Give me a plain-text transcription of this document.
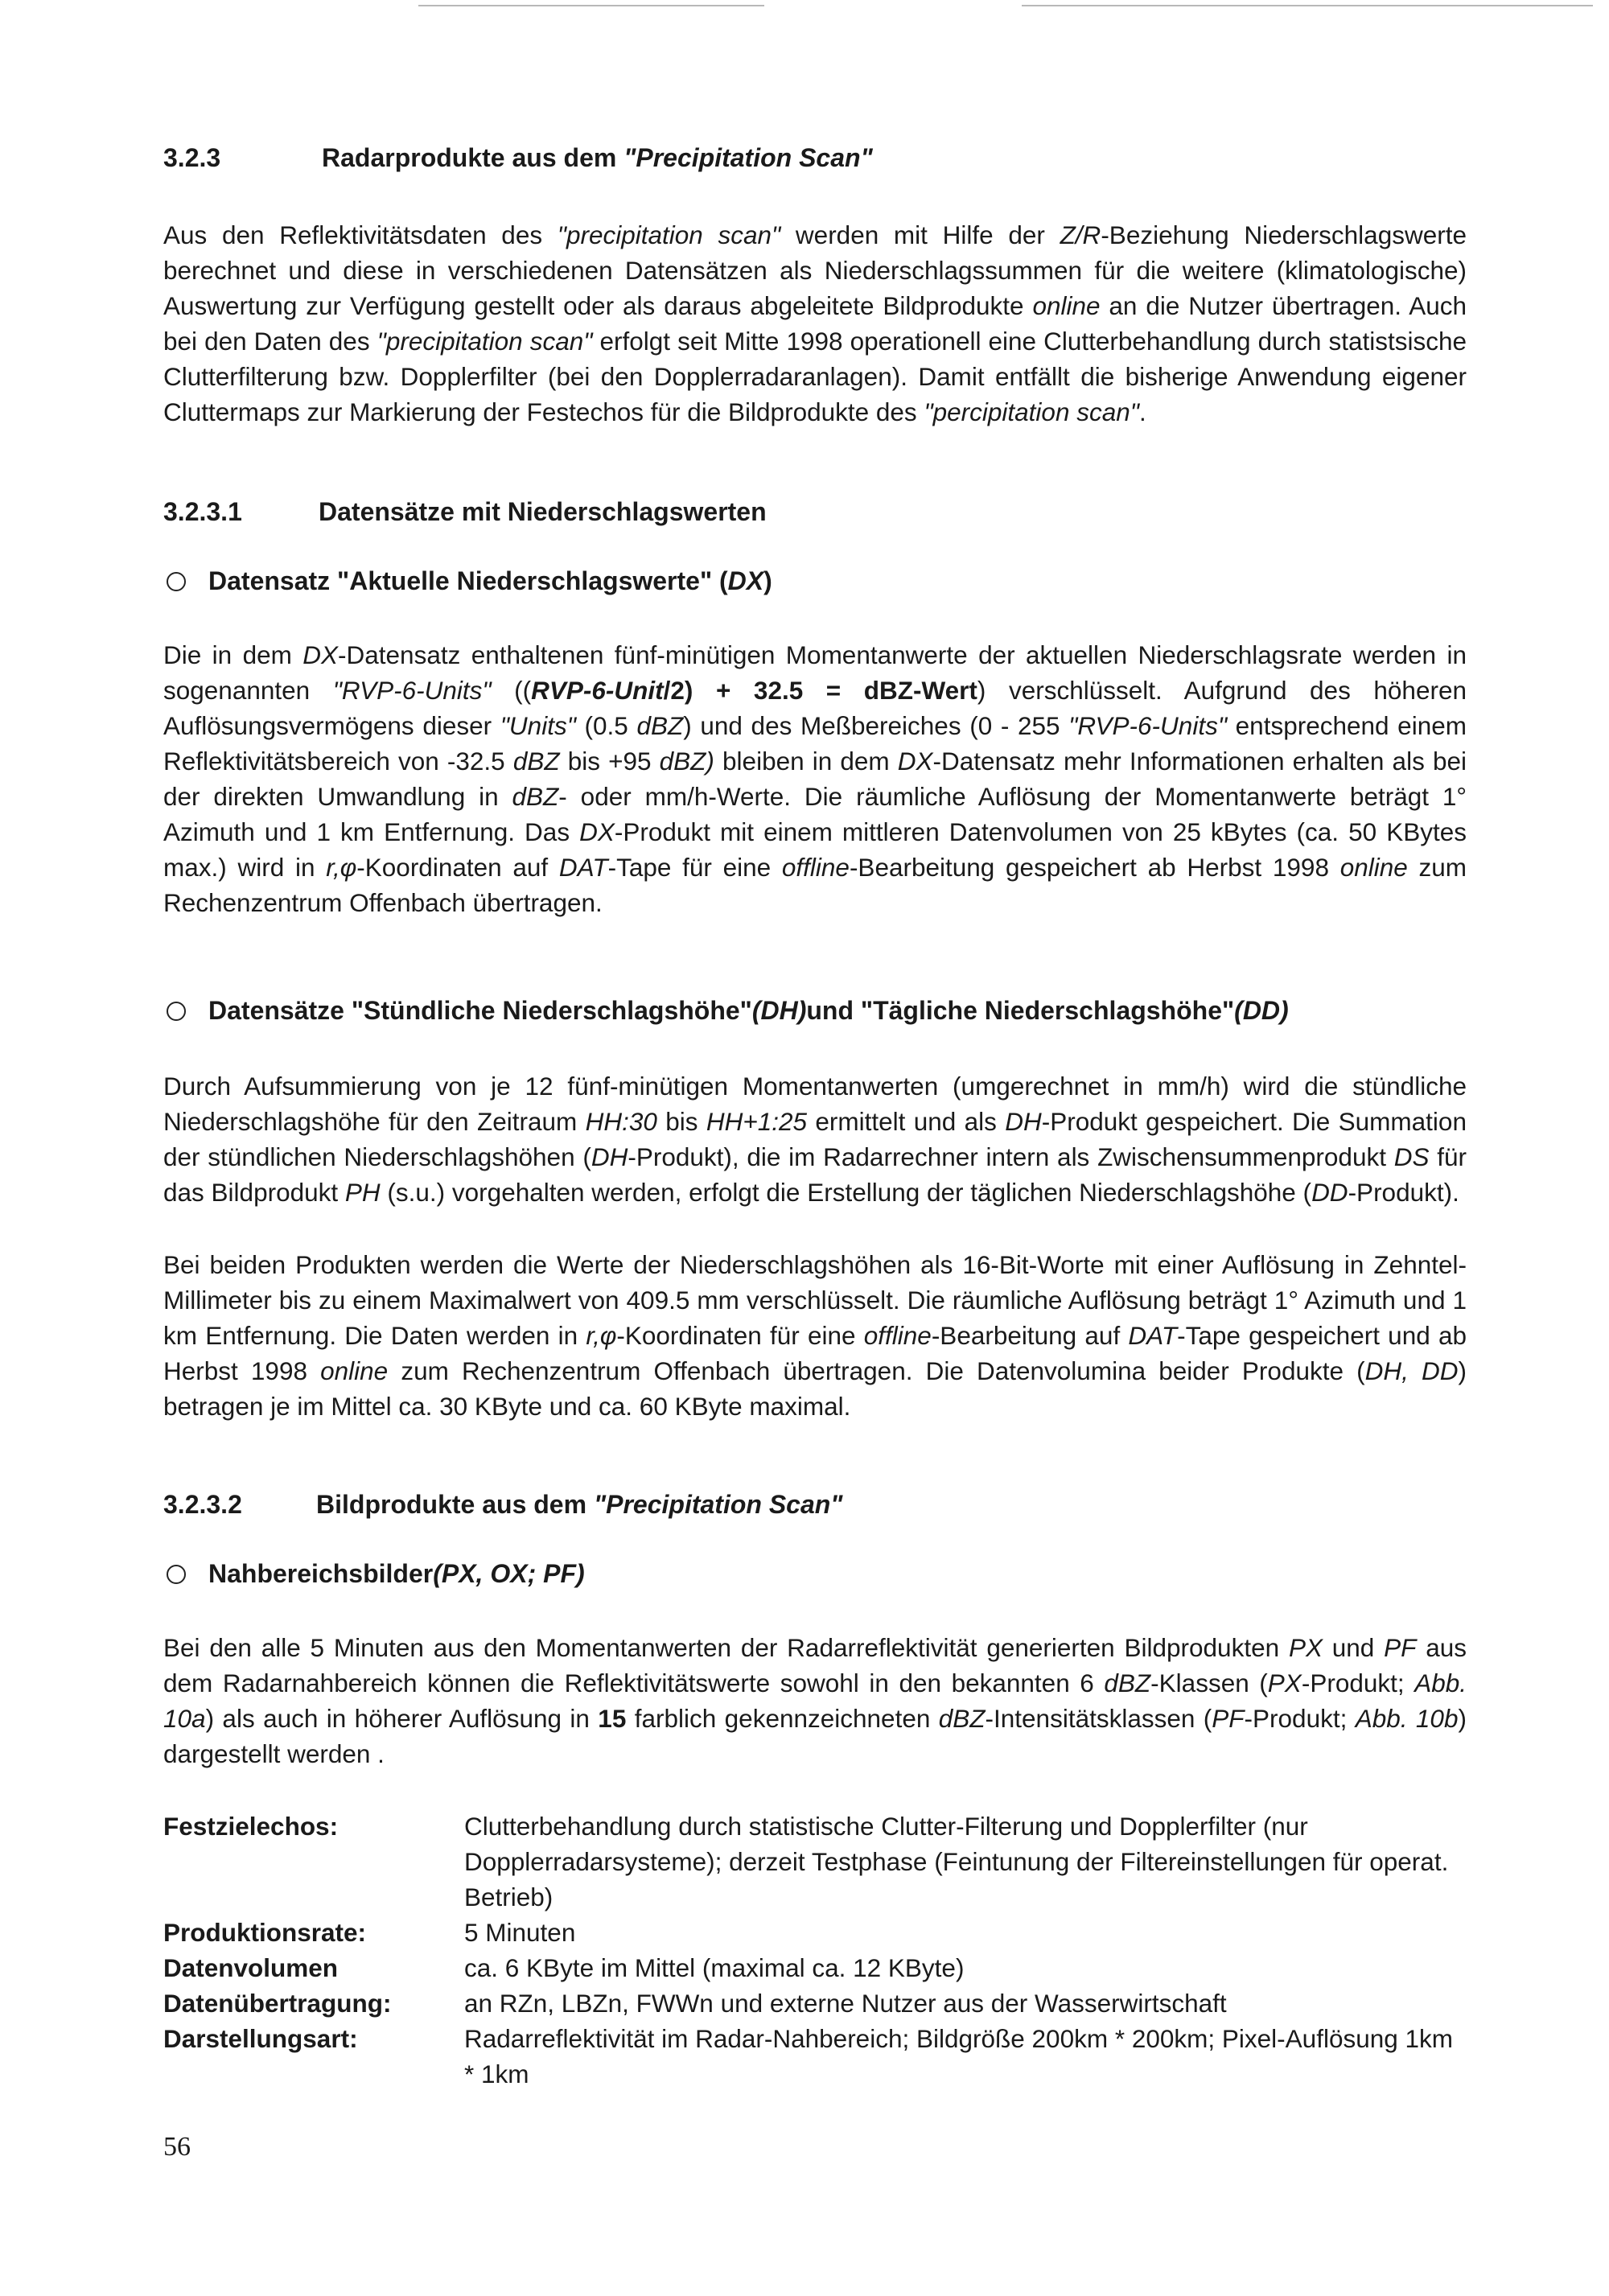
3.2.3	Radarprodukte aus dem "Precipitation Scan"

Aus den Reflektivitätsdaten des "precipitation scan" werden mit Hilfe der Z/R-Beziehung Niederschlagswerte berechnet und diese in verschiedenen Datensätzen als Niederschlagssummen für die weitere (klimatologische) Auswertung zur Verfügung gestellt oder als daraus abgeleitete Bildprodukte online an die Nutzer übertragen. Auch bei den Daten des "precipitation scan" erfolgt seit Mitte 1998 operationell eine Clutterbehandlung durch statistsische Clutterfilterung bzw. Dopplerfilter (bei den Dopplerradaranlagen). Damit entfällt die bisherige Anwendung eigener Cluttermaps zur Markierung der Festechos für die Bildprodukte des "percipitation scan".

3.2.3.1	Datensätze mit Niederschlagswerten
Datensatz "Aktuelle Niederschlagswerte" ( DX )

Die in dem DX-Datensatz enthaltenen fünf-minütigen Momentanwerte der aktuellen Niederschlagsrate werden in sogenannten "RVP-6-Units" ((RVP-6-Unit/2) + 32.5 = dBZ-Wert) verschlüsselt. Aufgrund des höheren Auflösungsvermögens dieser "Units" (0.5 dBZ) und des Meßbereiches (0 - 255 "RVP-6-Units" entsprechend einem Reflektivitätsbereich von -32.5 dBZ bis +95 dBZ) bleiben in dem DX-Datensatz mehr Informationen erhalten als bei der direkten Umwandlung in dBZ- oder mm/h-Werte. Die räumliche Auflösung der Momentanwerte beträgt 1° Azimuth und 1 km Entfernung. Das DX-Produkt mit einem mittleren Datenvolumen von 25 kBytes (ca. 50 KBytes max.) wird in r,φ-Koordinaten auf DAT-Tape für eine offline-Bearbeitung gespeichert ab Herbst 1998 online zum Rechenzentrum Offenbach übertragen.

Datensätze "Stündliche Niederschlagshöhe" (DH) und "Tägliche Niederschlagshöhe" (DD)

Durch Aufsummierung von je 12 fünf-minütigen Momentanwerten (umgerechnet in mm/h) wird die stündliche Niederschlagshöhe für den Zeitraum HH:30 bis HH+1:25 ermittelt und als DH-Produkt gespeichert. Die Summation der stündlichen Niederschlagshöhen (DH-Produkt), die im Radarrechner intern als Zwischensummenprodukt DS für das Bildprodukt PH (s.u.) vorgehalten werden, erfolgt die Erstellung der täglichen Niederschlagshöhe (DD-Produkt).

Bei beiden Produkten werden die Werte der Niederschlagshöhen als 16-Bit-Worte mit einer Auflösung in Zehntel-Millimeter bis zu einem Maximalwert von 409.5 mm verschlüsselt. Die räumliche Auflösung beträgt 1° Azimuth und 1 km Entfernung. Die Daten werden in r,φ-Koordinaten für eine offline-Bearbeitung auf DAT-Tape gespeichert und ab Herbst 1998 online zum Rechenzentrum Offenbach übertragen. Die Datenvolumina beider Produkte (DH, DD) betragen je im Mittel ca. 30 KByte und ca. 60 KByte maximal.

3.2.3.2	Bildprodukte aus dem "Precipitation Scan"
Nahbereichsbilder (PX, OX; PF)

Bei den alle 5 Minuten aus den Momentanwerten der Radarreflektivität generierten Bildprodukten PX und PF aus dem Radarnahbereich können die Reflektivitätswerte sowohl in den bekannten 6 dBZ-Klassen (PX-Produkt; Abb. 10a) als auch in höherer Auflösung in 15 farblich gekennzeichneten dBZ-Intensitätsklassen (PF-Produkt; Abb. 10b) dargestellt werden .

Festzielechos:	Clutterbehandlung durch statistische Clutter-Filterung und Dopplerfilter (nur Dopplerradarsysteme); derzeit Testphase (Feintunung der Filtereinstellungen für operat. Betrieb)
Produktionsrate:	5 Minuten
Datenvolumen	ca. 6 KByte im Mittel (maximal ca. 12 KByte)
Datenübertragung:	an RZn, LBZn, FWWn und externe Nutzer aus der Wasserwirtschaft
Darstellungsart:	Radarreflektivität im Radar-Nahbereich; Bildgröße 200km * 200km; Pixel-Auflösung 1km * 1km
56
